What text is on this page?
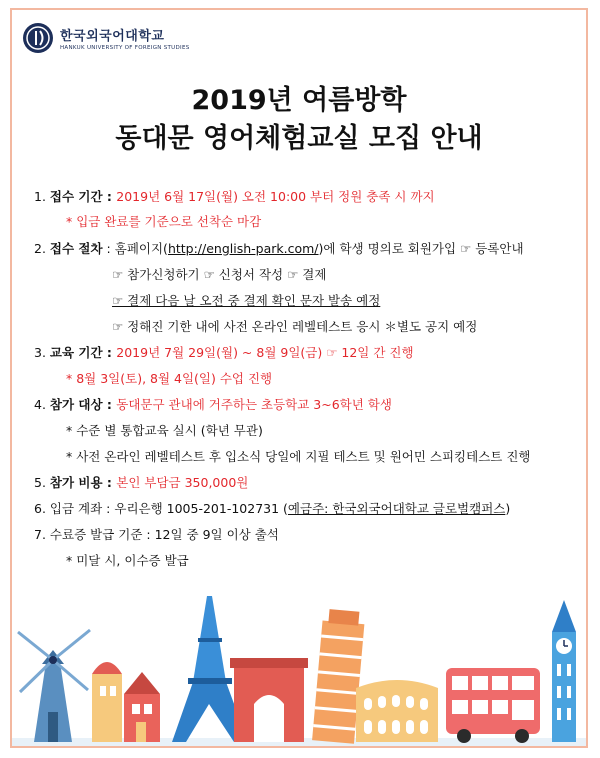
한국외국어대학교
HANKUK UNIVERSITY OF FOREIGN STUDIES
2019년 여름방학
동대문 영어체험교실 모집 안내
1. 접수 기간 : 2019년 6월 17일(월) 오전 10:00 부터 정원 충족 시 까지
* 입금 완료를 기준으로 선착순 마감
2. 접수 절차 : 홈페이지(http://english-park.com/)에 학생 명의로 회원가입 ☞ 등록안내
☞ 참가신청하기 ☞ 신청서 작성 ☞ 결제
☞ 결제 다음 날 오전 중 결제 확인 문자 발송 예정
☞ 정해진 기한 내에 사전 온라인 레벨테스트 응시 ＊별도 공지 예정
3. 교육 기간 : 2019년 7월 29일(월) ~ 8월 9일(금) ☞ 12일 간 진행
* 8월 3일(토), 8월 4일(일) 수업 진행
4. 참가 대상 : 동대문구 관내에 거주하는 초등학교 3~6학년 학생
* 수준 별 통합교육 실시 (학년 무관)
* 사전 온라인 레벨테스트 후 입소식 당일에 지필 테스트 및 원어민 스피킹테스트 진행
5. 참가 비용 : 본인 부담금 350,000원
6. 입금 계좌 : 우리은행 1005-201-102731 (예금주: 한국외국어대학교 글로벌캠퍼스)
7. 수료증 발급 기준 : 12일 중 9일 이상 출석
* 미달 시, 이수증 발급
